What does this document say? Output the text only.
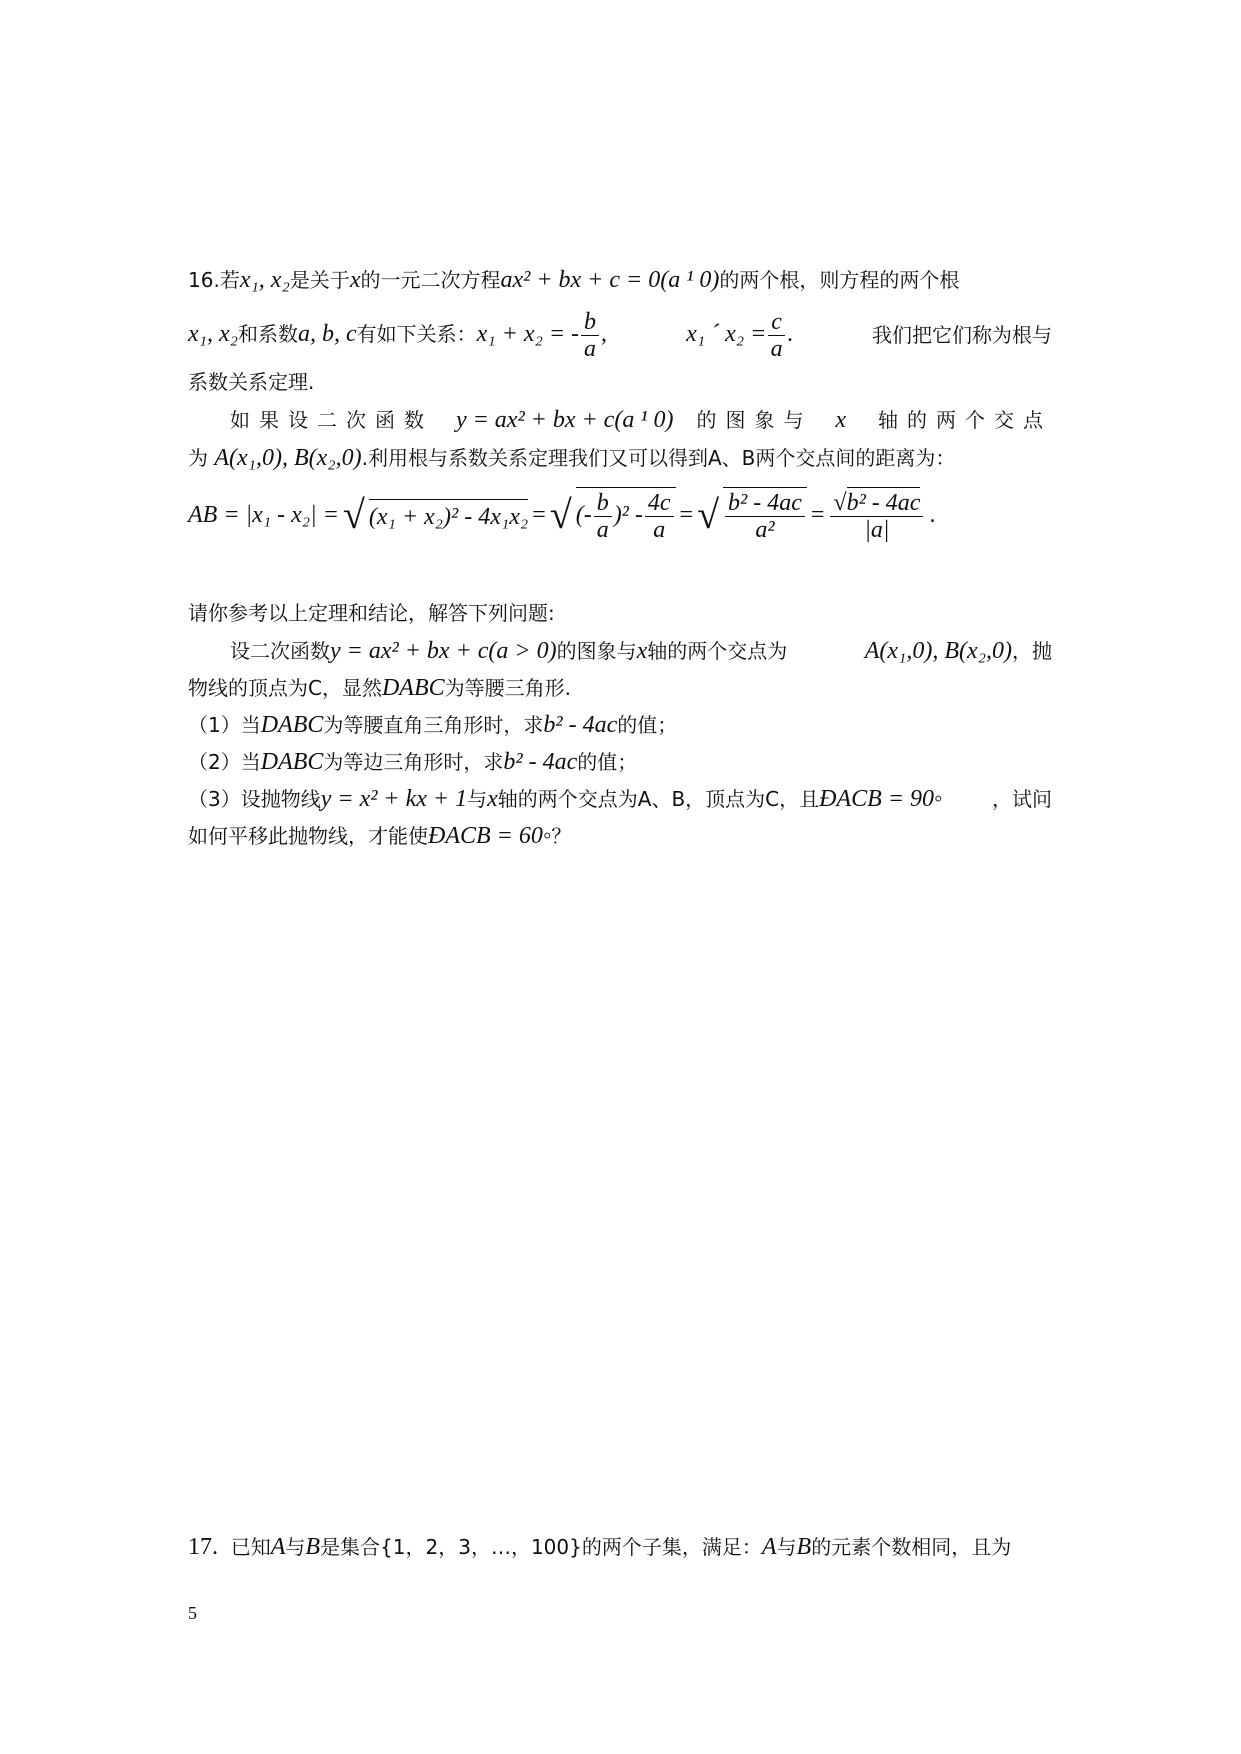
16.若x₁, x₂是关于x的一元二次方程ax² + bx + c = 0(a ¹ 0)的两个根，则方程的两个根
x₁, x₂和系数a, b, c有如下关系：x₁ + x₂ = - $\frac{b}{a}$ ,	x₁ ´ $x_2 = \frac{c}{a}$ .	我们把它们称为根与
系数关系定理.
如果设二次函数 y = ax² + bx + c(a ¹ 0) 的图象与 x 轴的两个交点
为 A(x₁,0), B(x₂,0).利用根与系数关系定理我们又可以得到A、B两个交点间的距离为：
AB = |x₁ - x₂| = √ (x₁ + x₂)² - 4x₁x₂ = √ (- $\frac{b}{a} )^2 - \frac{4c}{a}$ = √ $\frac{\text{b² - 4ac}}{\text{a²}} = \frac{\text{√b² - 4ac}}{|a|}$ .
请你参考以上定理和结论，解答下列问题:
设二次函数y = ax² + bx + c(a > 0)的图象与x轴的两个交点为	A(x₁,0), B(x₂,0)，抛
物线的顶点为C，显然DABC为等腰三角形.
（1）当DABC为等腰直角三角形时，求b² - 4ac的值；
（2）当DABC为等边三角形时，求b² - 4ac的值；
（3）设抛物线y = x² + kx + 1与x轴的两个交点为A、B，顶点为C，且ÐACB = 90◦ ，试问
如何平移此抛物线，才能使ÐACB = 60◦？
17. 已知A与B是集合{1，2，3，…，100}的两个子集，满足：A与B的元素个数相同，且为
5
